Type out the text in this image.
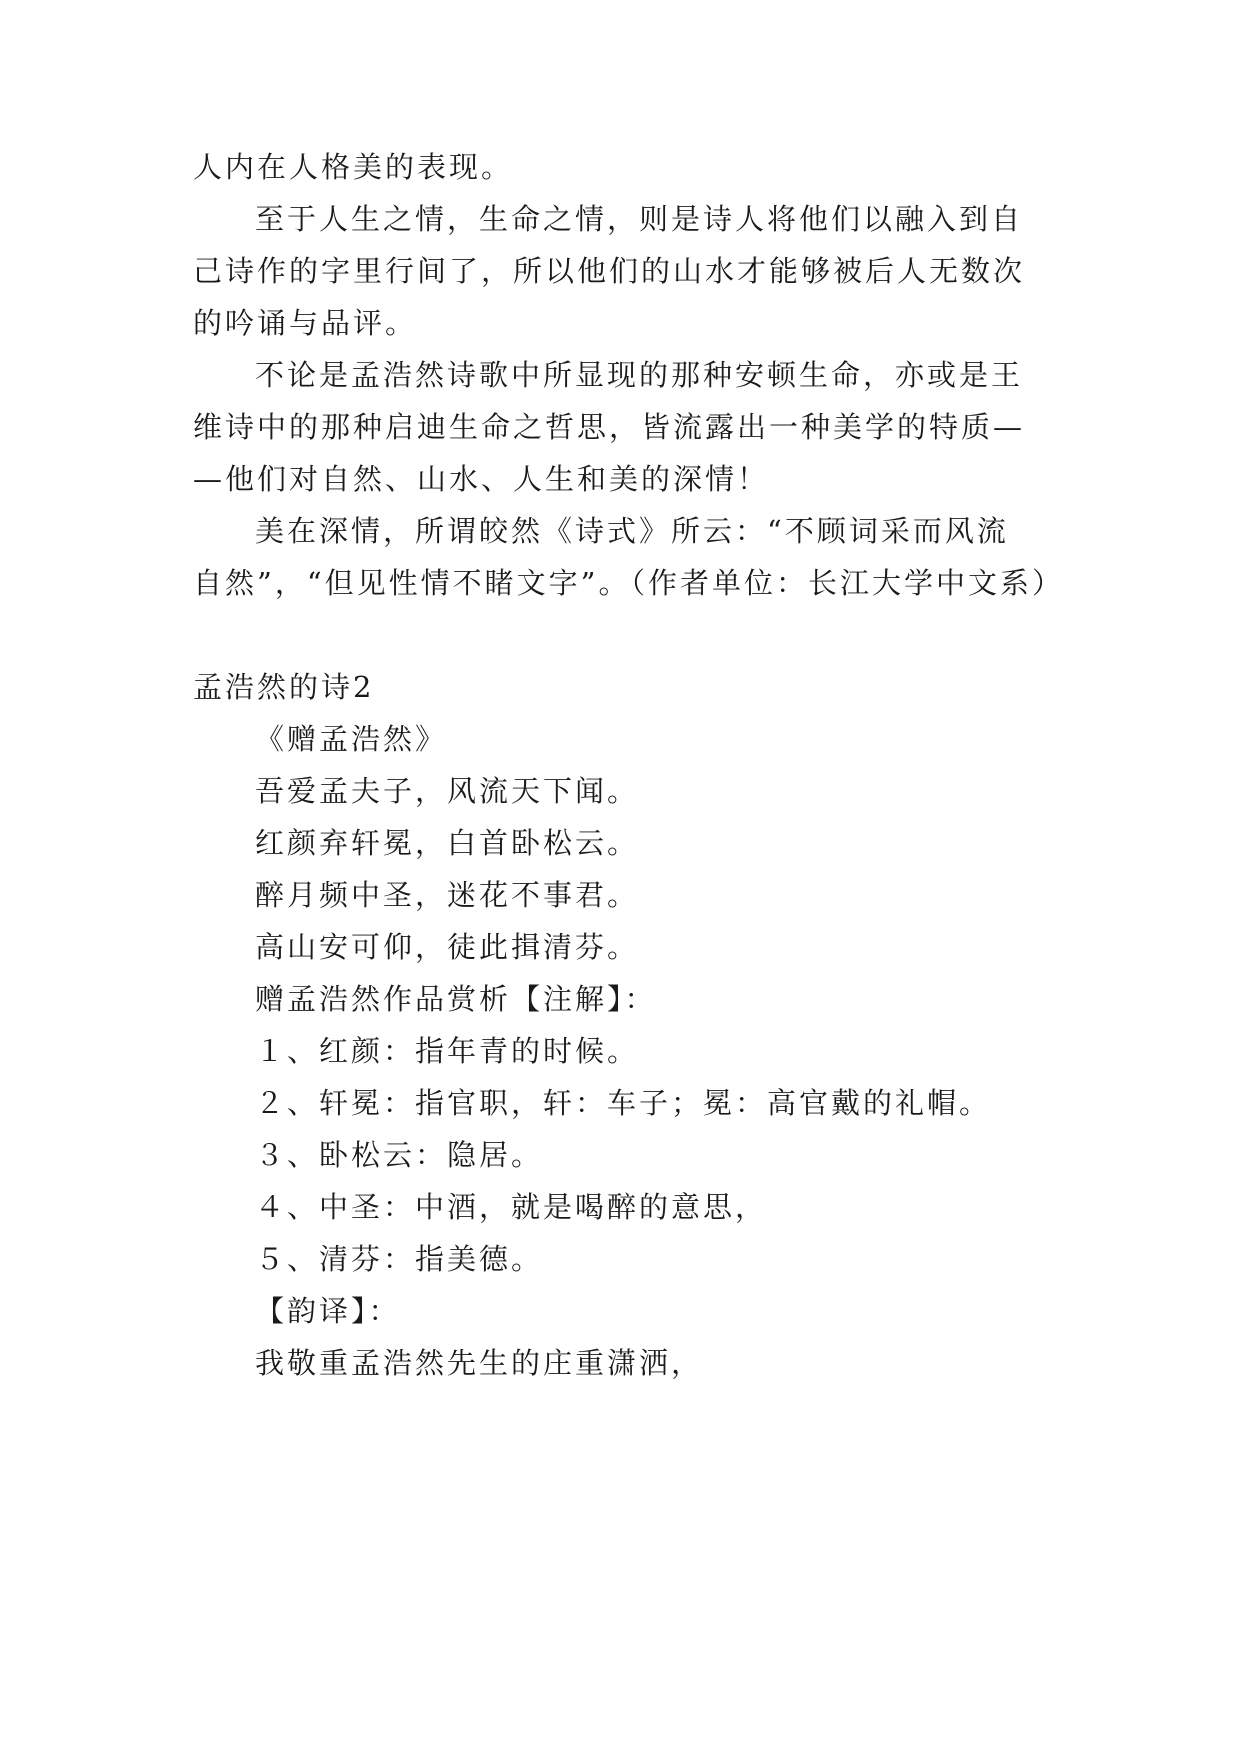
人内在人格美的表现。
至于人生之情，生命之情，则是诗人将他们以融入到自
己诗作的字里行间了，所以他们的山水才能够被后人无数次
的吟诵与品评。
不论是孟浩然诗歌中所显现的那种安顿生命，亦或是王
维诗中的那种启迪生命之哲思，皆流露出一种美学的特质—
—他们对自然、山水、人生和美的深情！
美在深情，所谓皎然《诗式》所云：“不顾词采而风流
自然”，“但见性情不睹文字”。（作者单位：长江大学中文系）
孟浩然的诗2
《赠孟浩然》
吾爱孟夫子，风流天下闻。
红颜弃轩冕，白首卧松云。
醉月频中圣，迷花不事君。
高山安可仰，徒此揖清芬。
赠孟浩然作品赏析【注解】：
１、红颜：指年青的时候。
２、轩冕：指官职，轩：车子；冕：高官戴的礼帽。
３、卧松云：隐居。
４、中圣：中酒，就是喝醉的意思，
５、清芬：指美德。
【韵译】：
我敬重孟浩然先生的庄重潇洒，
